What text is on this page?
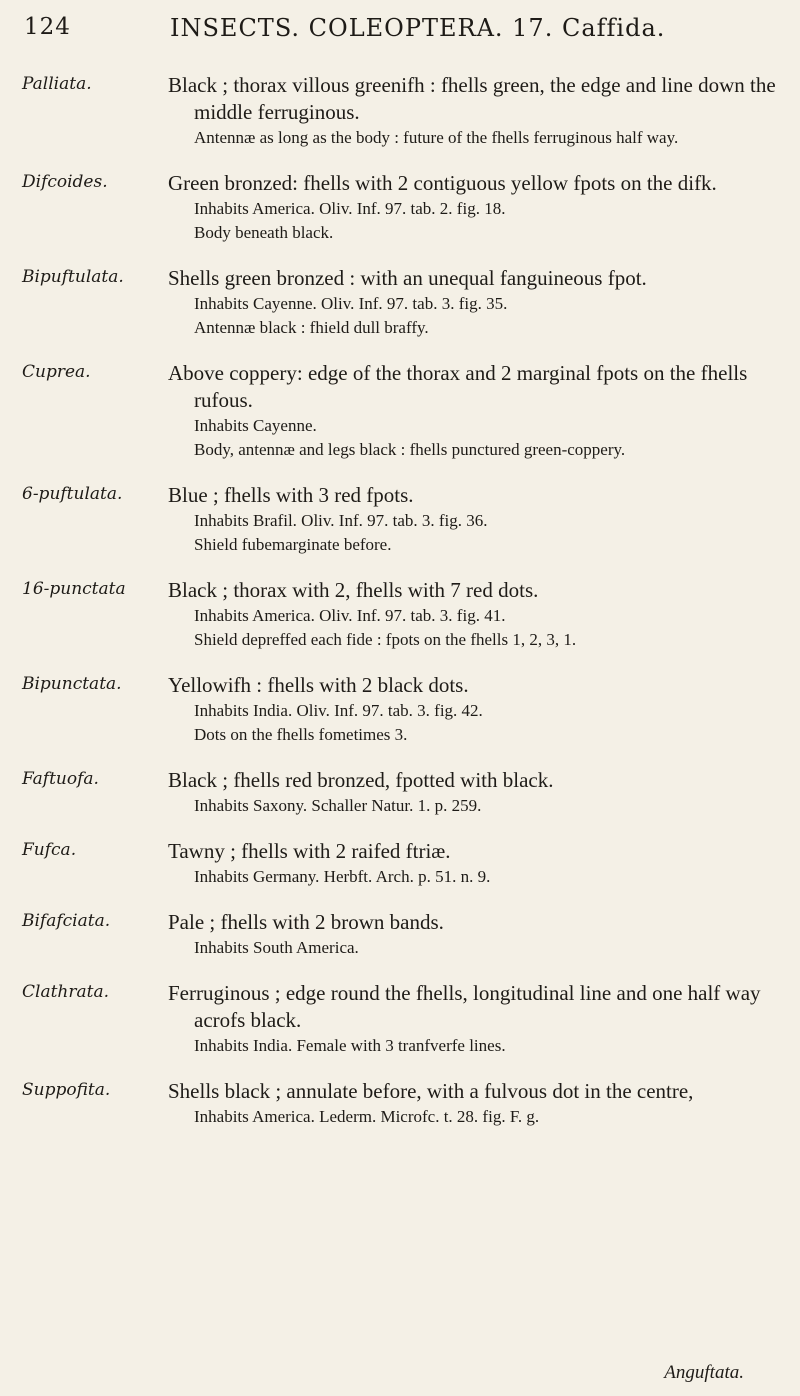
124	INSECTS. COLEOPTERA. 17. Caffida.
Palliata.	Black ; thorax villous greenifh : fhells green, the edge and line down the middle ferruginous.
Antennæ as long as the body : future of the fhells ferruginous half way.
Difcoides.	Green bronzed: fhells with 2 contiguous yellow fpots on the difk.
Inhabits America. Oliv. Inf. 97. tab. 2. fig. 18.
Body beneath black.
Bipuftulata.	Shells green bronzed : with an unequal fanguineous fpot.
Inhabits Cayenne. Oliv. Inf. 97. tab. 3. fig. 35.
Antennæ black : fhield dull braffy.
Cuprea.	Above coppery: edge of the thorax and 2 marginal fpots on the fhells rufous.
Inhabits Cayenne.
Body, antennæ and legs black : fhells punctured green-coppery.
6-puftulata.	Blue ; fhells with 3 red fpots.
Inhabits Brafil. Oliv. Inf. 97. tab. 3. fig. 36.
Shield fubemarginate before.
16-punctata	Black ; thorax with 2, fhells with 7 red dots.
Inhabits America. Oliv. Inf. 97. tab. 3. fig. 41.
Shield depreffed each fide : fpots on the fhells 1, 2, 3, 1.
Bipunctata.	Yellowifh : fhells with 2 black dots.
Inhabits India. Oliv. Inf. 97. tab. 3. fig. 42.
Dots on the fhells fometimes 3.
Faftuofa.	Black ; fhells red bronzed, fpotted with black.
Inhabits Saxony. Schaller Natur. 1. p. 259.
Fufca.	Tawny ; fhells with 2 raifed ftriæ.
Inhabits Germany. Herbft. Arch. p. 51. n. 9.
Bifafciata.	Pale ; fhells with 2 brown bands.
Inhabits South America.
Clathrata.	Ferruginous ; edge round the fhells, longitudinal line and one half way acrofs black.
Inhabits India. Female with 3 tranfverfe lines.
Suppofita.	Shells black ; annulate before, with a fulvous dot in the centre,
Inhabits America. Lederm. Microfc. t. 28. fig. F. g.
Anguftata.
